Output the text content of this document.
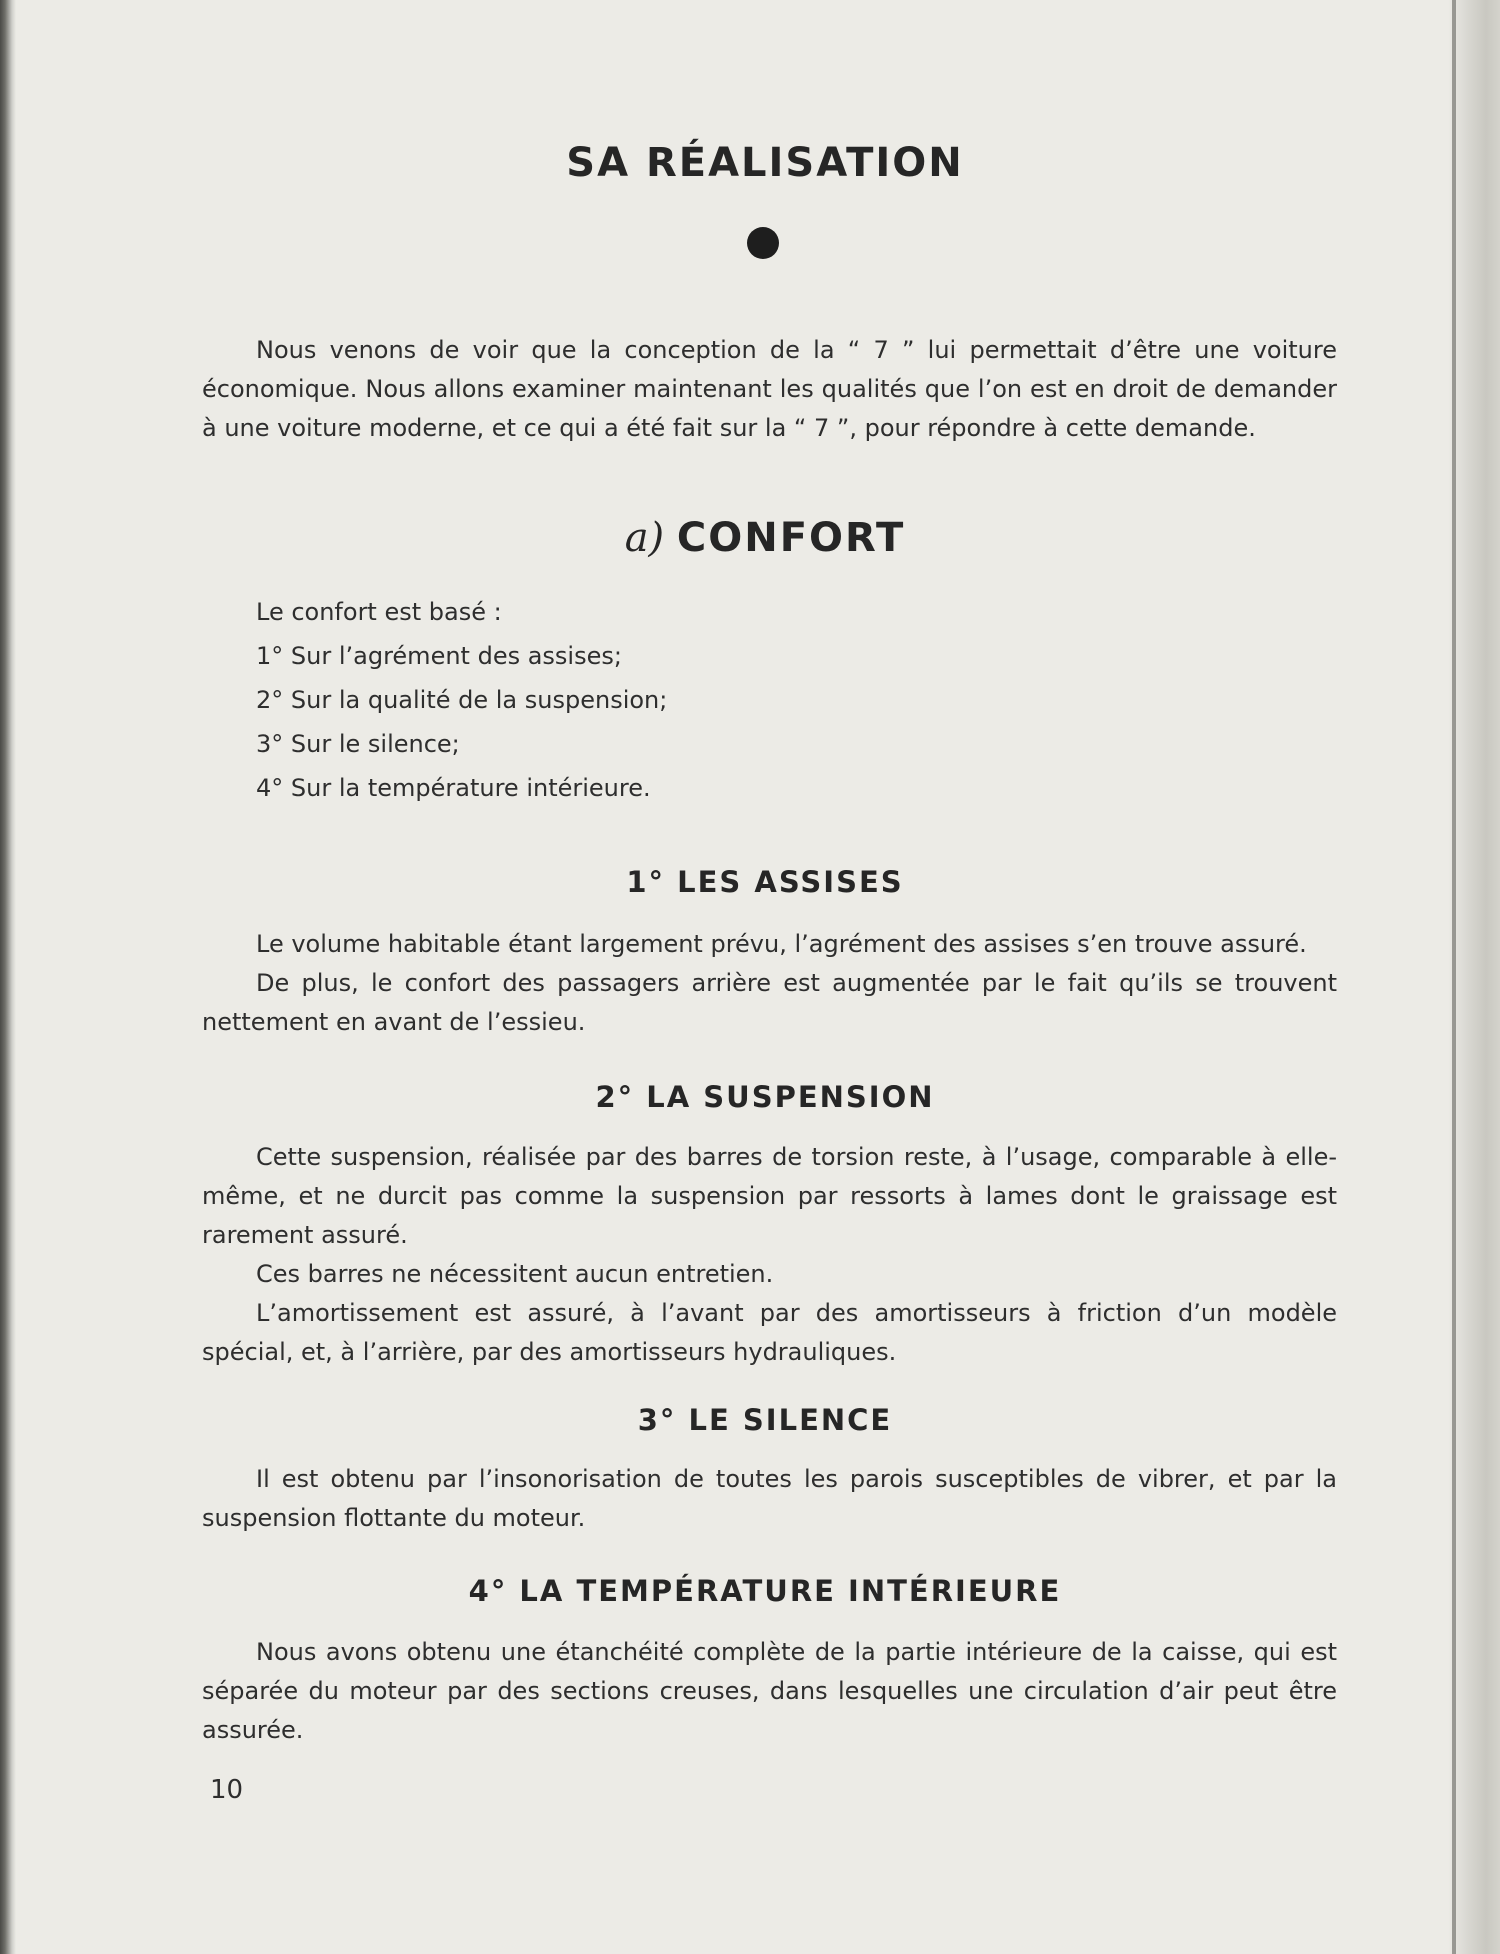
SA RÉALISATION

Nous venons de voir que la conception de la “ 7 ” lui permettait d’être une voiture économique. Nous allons examiner maintenant les qualités que l’on est en droit de demander à une voiture moderne, et ce qui a été fait sur la “ 7 ”, pour répondre à cette demande.

a) CONFORT
Le confort est basé :
1° Sur l’agrément des assises;
2° Sur la qualité de la suspension;
3° Sur le silence;
4° Sur la température intérieure.
1° LES ASSISES

Le volume habitable étant largement prévu, l’agrément des assises s’en trouve assuré.

De plus, le confort des passagers arrière est augmentée par le fait qu’ils se trouvent nettement en avant de l’essieu.

2° LA SUSPENSION

Cette suspension, réalisée par des barres de torsion reste, à l’usage, comparable à elle-même, et ne durcit pas comme la suspension par ressorts à lames dont le graissage est rarement assuré.

Ces barres ne nécessitent aucun entretien.

L’amortissement est assuré, à l’avant par des amortisseurs à friction d’un modèle spécial, et, à l’arrière, par des amortisseurs hydrauliques.

3° LE SILENCE

Il est obtenu par l’insonorisation de toutes les parois susceptibles de vibrer, et par la suspension flottante du moteur.

4° LA TEMPÉRATURE INTÉRIEURE

Nous avons obtenu une étanchéité complète de la partie intérieure de la caisse, qui est séparée du moteur par des sections creuses, dans lesquelles une circulation d’air peut être assurée.

10
